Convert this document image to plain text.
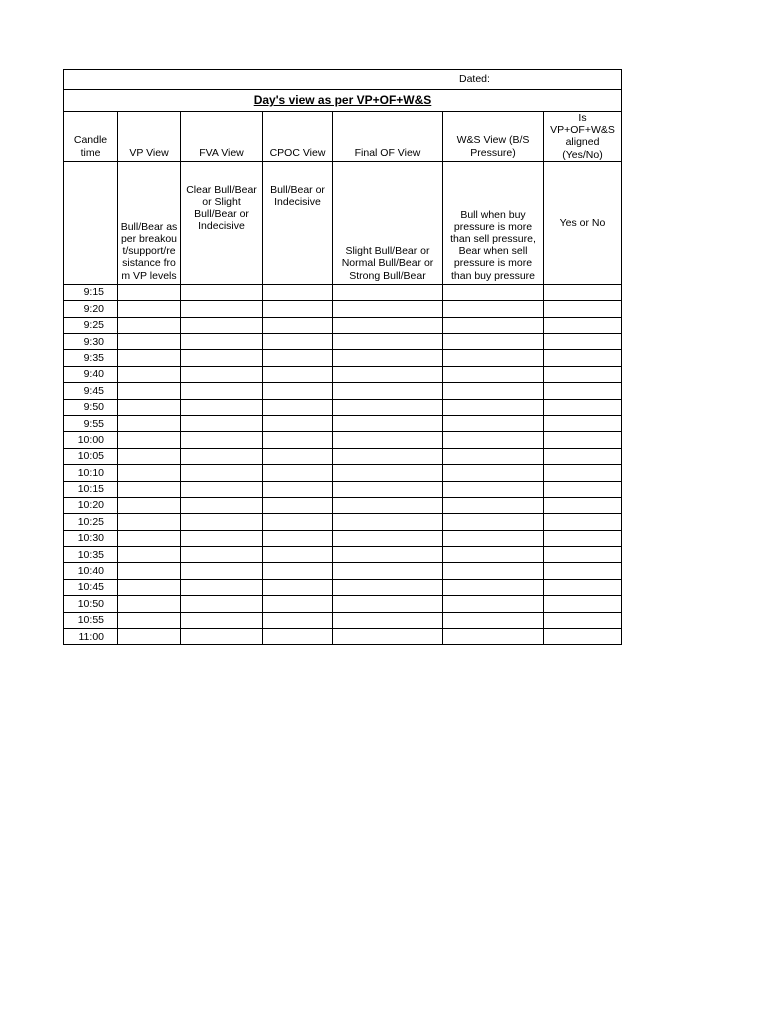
Dated:						
Day's view as per VP+OF+W&S						
Candle time	VP View	FVA View	CPOC View	Final OF View	W&S View (B/S Pressure)	Is VP+OF+W&S aligned (Yes/No)
	Bull/Bear as per breakout/support/resistance from VP levels	Clear Bull/Bear or Slight Bull/Bear or Indecisive	Bull/Bear or Indecisive	Slight Bull/Bear or Normal Bull/Bear or Strong Bull/Bear	Bull when buy pressure is more than sell pressure, Bear when sell pressure is more than buy pressure	Yes or No
9:15						
9:20						
9:25						
9:30						
9:35						
9:40						
9:45						
9:50						
9:55						
10:00						
10:05						
10:10						
10:15						
10:20						
10:25						
10:30						
10:35						
10:40						
10:45						
10:50						
10:55						
11:00						
